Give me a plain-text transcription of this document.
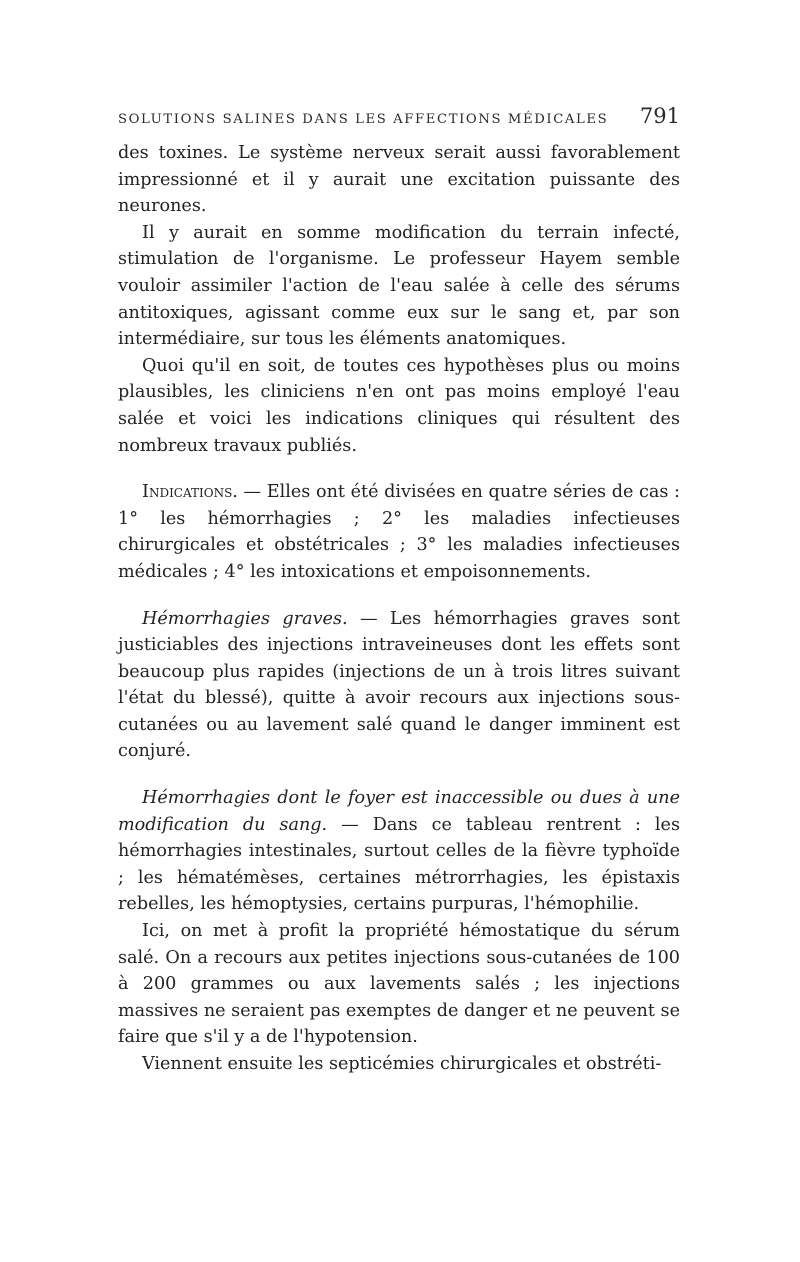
SOLUTIONS SALINES DANS LES AFFECTIONS MÉDICALES 791

des toxines. Le système nerveux serait aussi favorablement impressionné et il y aurait une excitation puissante des neurones.

Il y aurait en somme modification du terrain infecté, stimulation de l'organisme. Le professeur Hayem semble vouloir assimiler l'action de l'eau salée à celle des sérums antitoxiques, agissant comme eux sur le sang et, par son intermédiaire, sur tous les éléments anatomiques.

Quoi qu'il en soit, de toutes ces hypothèses plus ou moins plausibles, les cliniciens n'en ont pas moins employé l'eau salée et voici les indications cliniques qui résultent des nombreux travaux publiés.

Indications. — Elles ont été divisées en quatre séries de cas : 1° les hémorrhagies ; 2° les maladies infectieuses chirurgicales et obstétricales ; 3° les maladies infectieuses médicales ; 4° les intoxications et empoisonnements.

Hémorrhagies graves. — Les hémorrhagies graves sont justiciables des injections intraveineuses dont les effets sont beaucoup plus rapides (injections de un à trois litres suivant l'état du blessé), quitte à avoir recours aux injections sous-cutanées ou au lavement salé quand le danger imminent est conjuré.

Hémorrhagies dont le foyer est inaccessible ou dues à une modification du sang. — Dans ce tableau rentrent : les hémorrhagies intestinales, surtout celles de la fièvre typhoïde ; les hématémèses, certaines métrorrhagies, les épistaxis rebelles, les hémoptysies, certains purpuras, l'hémophilie.

Ici, on met à profit la propriété hémostatique du sérum salé. On a recours aux petites injections sous-cutanées de 100 à 200 grammes ou aux lavements salés ; les injections massives ne seraient pas exemptes de danger et ne peuvent se faire que s'il y a de l'hypotension.

Viennent ensuite les septicémies chirurgicales et obstréti-
